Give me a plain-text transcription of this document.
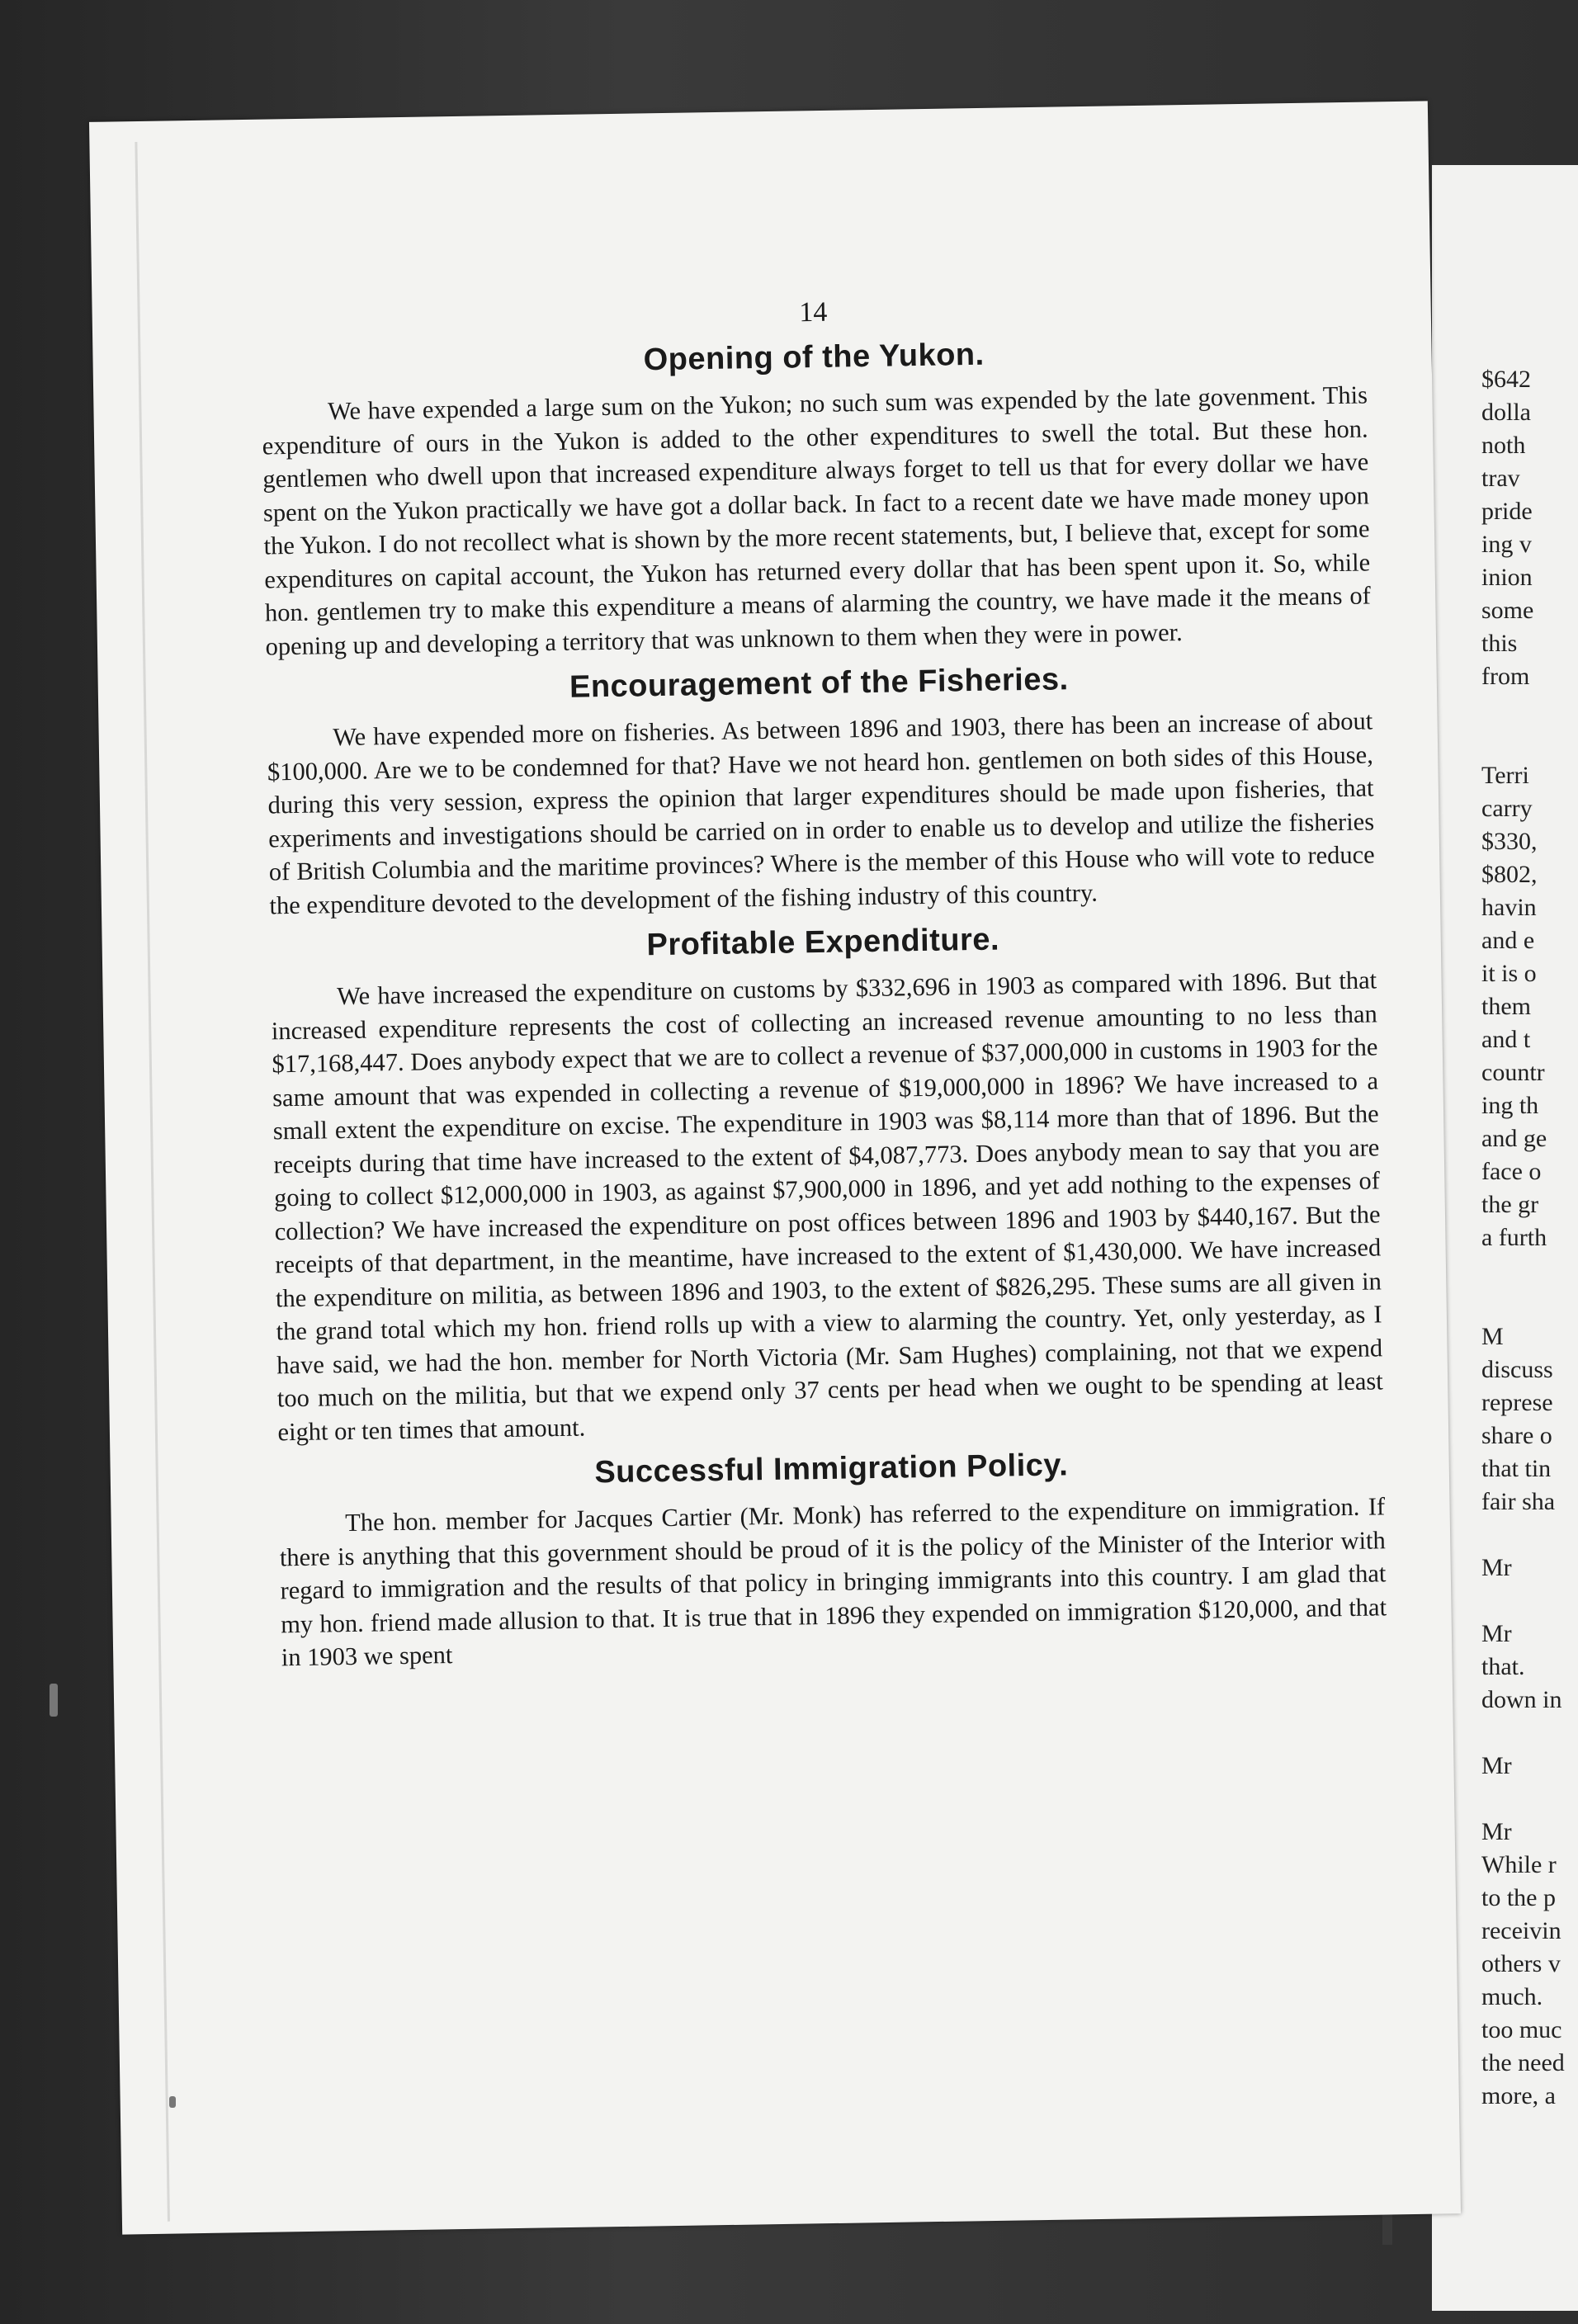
$642
dolla
noth
trav
pride
ing v
inion
some
this
from

Terri
carry
$330,
$802,
havin
and e
it is o
them
and t
countr
ing th
and ge
face o
the gr
a furth

M
discuss
represe
share o
that tin
fair sha

Mr

Mr
that.
down in

Mr

Mr
While r
to the p
receivin
others v
much.
too muc
the need
more, a
14
Opening of the Yukon.

We have expended a large sum on the Yukon; no such sum was expended by the late govenment. This expenditure of ours in the Yukon is added to the other expenditures to swell the total. But these hon. gentlemen who dwell upon that increased expenditure always forget to tell us that for every dollar we have spent on the Yukon practically we have got a dollar back. In fact to a recent date we have made money upon the Yukon. I do not recollect what is shown by the more recent statements, but, I believe that, except for some expenditures on capital account, the Yukon has returned every dollar that has been spent upon it. So, while hon. gentlemen try to make this expenditure a means of alarming the country, we have made it the means of opening up and developing a territory that was unknown to them when they were in power.

Encouragement of the Fisheries.

We have expended more on fisheries. As between 1896 and 1903, there has been an increase of about $100,000. Are we to be condemned for that? Have we not heard hon. gentlemen on both sides of this House, during this very session, express the opinion that larger expenditures should be made upon fisheries, that experiments and investigations should be carried on in order to enable us to develop and utilize the fisheries of British Columbia and the maritime provinces? Where is the member of this House who will vote to reduce the expenditure devoted to the development of the fishing industry of this country.

Profitable Expenditure.

We have increased the expenditure on customs by $332,696 in 1903 as compared with 1896. But that increased expenditure represents the cost of collecting an increased revenue amounting to no less than $17,168,447. Does anybody expect that we are to collect a revenue of $37,000,000 in customs in 1903 for the same amount that was expended in collecting a revenue of $19,000,000 in 1896? We have increased to a small extent the expenditure on excise. The expenditure in 1903 was $8,114 more than that of 1896. But the receipts during that time have increased to the extent of $4,087,773. Does anybody mean to say that you are going to collect $12,000,000 in 1903, as against $7,900,000 in 1896, and yet add nothing to the expenses of collection? We have increased the expenditure on post offices between 1896 and 1903 by $440,167. But the receipts of that department, in the meantime, have increased to the extent of $1,430,000. We have increased the expenditure on militia, as between 1896 and 1903, to the extent of $826,295. These sums are all given in the grand total which my hon. friend rolls up with a view to alarming the country. Yet, only yesterday, as I have said, we had the hon. member for North Victoria (Mr. Sam Hughes) complaining, not that we expend too much on the militia, but that we expend only 37 cents per head when we ought to be spending at least eight or ten times that amount.

Successful Immigration Policy.

The hon. member for Jacques Cartier (Mr. Monk) has referred to the expenditure on immigration. If there is anything that this government should be proud of it is the policy of the Minister of the Interior with regard to immigration and the results of that policy in bringing immigrants into this country. I am glad that my hon. friend made allusion to that. It is true that in 1896 they expended on immigration $120,000, and that in 1903 we spent
